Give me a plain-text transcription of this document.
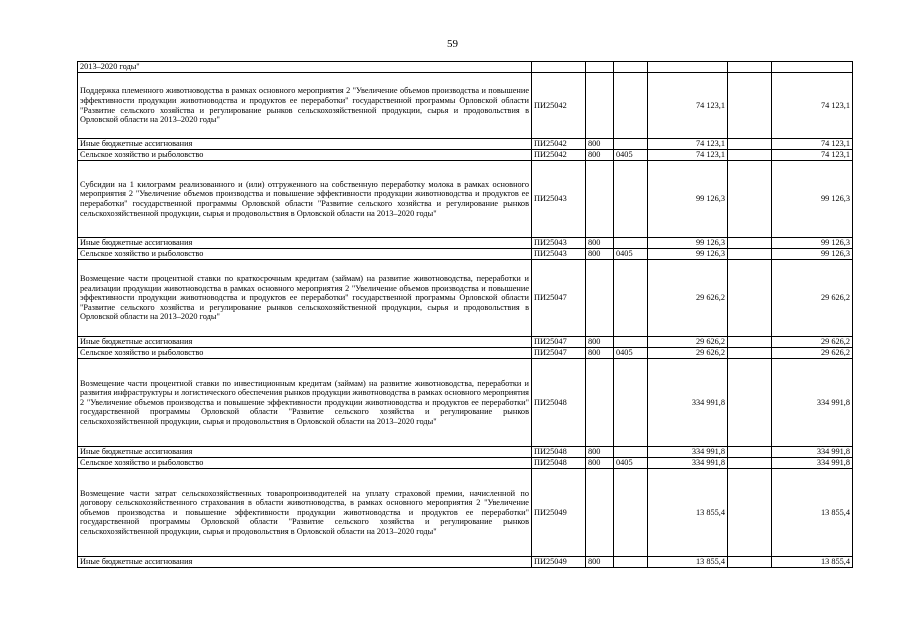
59
2013–2020 годы"						
Поддержка племенного животноводства в рамках основного мероприятия 2 "Увеличение объемов производства и повышение эффективности продукции животноводства и продуктов ее переработки" государственной программы Орловской области "Развитие сельского хозяйства и регулирование рынков сельскохозяйственной продукции, сырья и продовольствия в Орловской области на 2013–2020 годы"	ПИ25042			74 123,1		74 123,1
Иные бюджетные ассигнования	ПИ25042	800		74 123,1		74 123,1
Сельское хозяйство и рыболовство	ПИ25042	800	0405	74 123,1		74 123,1
Субсидии на 1 килограмм реализованного и (или) отгруженного на собственную переработку молока в рамках основного мероприятия 2 "Увеличение объемов производства и повышение эффективности продукции животноводства и продуктов ее переработки" государственной программы Орловской области "Развитие сельского хозяйства и регулирование рынков сельскохозяйственной продукции, сырья и продовольствия в Орловской области на 2013–2020 годы"	ПИ25043			99 126,3		99 126,3
Иные бюджетные ассигнования	ПИ25043	800		99 126,3		99 126,3
Сельское хозяйство и рыболовство	ПИ25043	800	0405	99 126,3		99 126,3
Возмещение части процентной ставки по краткосрочным кредитам (займам) на развитие животноводства, переработки и реализации продукции животноводства в рамках основного мероприятия 2 "Увеличение объемов производства и повышение эффективности продукции животноводства и продуктов ее переработки" государственной программы Орловской области "Развитие сельского хозяйства и регулирование рынков сельскохозяйственной продукции, сырья и продовольствия в Орловской области на 2013–2020 годы"	ПИ25047			29 626,2		29 626,2
Иные бюджетные ассигнования	ПИ25047	800		29 626,2		29 626,2
Сельское хозяйство и рыболовство	ПИ25047	800	0405	29 626,2		29 626,2
Возмещение части процентной ставки по инвестиционным кредитам (займам) на развитие животноводства, переработки и развития инфраструктуры и логистического обеспечения рынков продукции животноводства в рамках основного мероприятия 2 "Увеличение объемов производства и повышение эффективности продукции животноводства и продуктов ее переработки" государственной программы Орловской области "Развитие сельского хозяйства и регулирование рынков сельскохозяйственной продукции, сырья и продовольствия в Орловской области на 2013–2020 годы"	ПИ25048			334 991,8		334 991,8
Иные бюджетные ассигнования	ПИ25048	800		334 991,8		334 991,8
Сельское хозяйство и рыболовство	ПИ25048	800	0405	334 991,8		334 991,8
Возмещение части затрат сельскохозяйственных товаропроизводителей на уплату страховой премии, начисленной по договору сельскохозяйственного страхования в области животноводства, в рамках основного мероприятия 2 "Увеличение объемов производства и повышение эффективности продукции животноводства и продуктов ее переработки" государственной программы Орловской области "Развитие сельского хозяйства и регулирование рынков сельскохозяйственной продукции, сырья и продовольствия в Орловской области на 2013–2020 годы"	ПИ25049			13 855,4		13 855,4
Иные бюджетные ассигнования	ПИ25049	800		13 855,4		13 855,4
